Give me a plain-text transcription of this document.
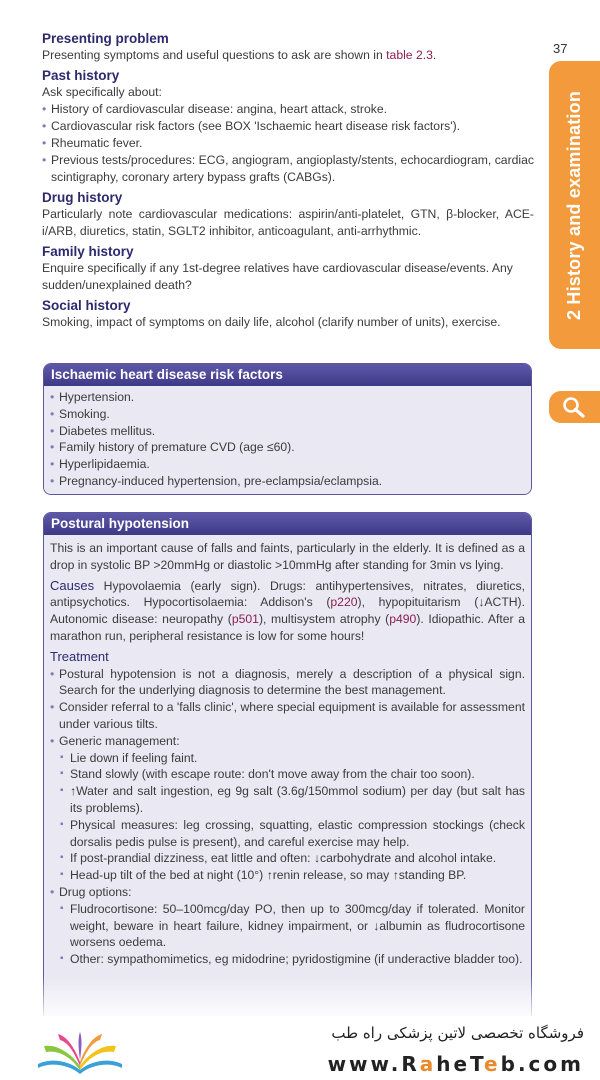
37
2 History and examination
Presenting problem
Presenting symptoms and useful questions to ask are shown in table 2.3.
Past history
Ask specifically about:
• History of cardiovascular disease: angina, heart attack, stroke.
• Cardiovascular risk factors (see BOX 'Ischaemic heart disease risk factors').
• Rheumatic fever.
• Previous tests/procedures: ECG, angiogram, angioplasty/stents, echocardiogram, cardiac scintigraphy, coronary artery bypass grafts (CABGs).
Drug history
Particularly note cardiovascular medications: aspirin/anti-platelet, GTN, β-blocker, ACE-i/ARB, diuretics, statin, SGLT2 inhibitor, anticoagulant, anti-arrhythmic.
Family history
Enquire specifically if any 1st-degree relatives have cardiovascular disease/events. Any sudden/unexplained death?
Social history
Smoking, impact of symptoms on daily life, alcohol (clarify number of units), exercise.
Ischaemic heart disease risk factors
• Hypertension.
• Smoking.
• Diabetes mellitus.
• Family history of premature CVD (age ≤60).
• Hyperlipidaemia.
• Pregnancy-induced hypertension, pre-eclampsia/eclampsia.
Postural hypotension
This is an important cause of falls and faints, particularly in the elderly. It is defined as a drop in systolic BP >20mmHg or diastolic >10mmHg after standing for 3min vs lying.
Causes Hypovolaemia (early sign). Drugs: antihypertensives, nitrates, diuretics, antipsychotics. Hypocortisolaemia: Addison's (p220), hypopituitarism (↓ACTH). Autonomic disease: neuropathy (p501), multisystem atrophy (p490). Idiopathic. After a marathon run, peripheral resistance is low for some hours!
Treatment
• Postural hypotension is not a diagnosis, merely a description of a physical sign. Search for the underlying diagnosis to determine the best management.
• Consider referral to a 'falls clinic', where special equipment is available for assessment under various tilts.
• Generic management:
▪ Lie down if feeling faint.
▪ Stand slowly (with escape route: don't move away from the chair too soon).
▪ ↑Water and salt ingestion, eg 9g salt (3.6g/150mmol sodium) per day (but salt has its problems).
▪ Physical measures: leg crossing, squatting, elastic compression stockings (check dorsalis pedis pulse is present), and careful exercise may help.
▪ If post-prandial dizziness, eat little and often: ↓carbohydrate and alcohol intake.
▪ Head-up tilt of the bed at night (10°) ↑renin release, so may ↑standing BP.
• Drug options:
▪ Fludrocortisone: 50–100mcg/day PO, then up to 300mcg/day if tolerated. Monitor weight, beware in heart failure, kidney impairment, or ↓albumin as fludrocortisone worsens oedema.
▪ Other: sympathomimetics, eg midodrine; pyridostigmine (if underactive bladder too).
فروشگاه تخصصی لاتین پزشکی راه طب
www.RaheTeb.com
